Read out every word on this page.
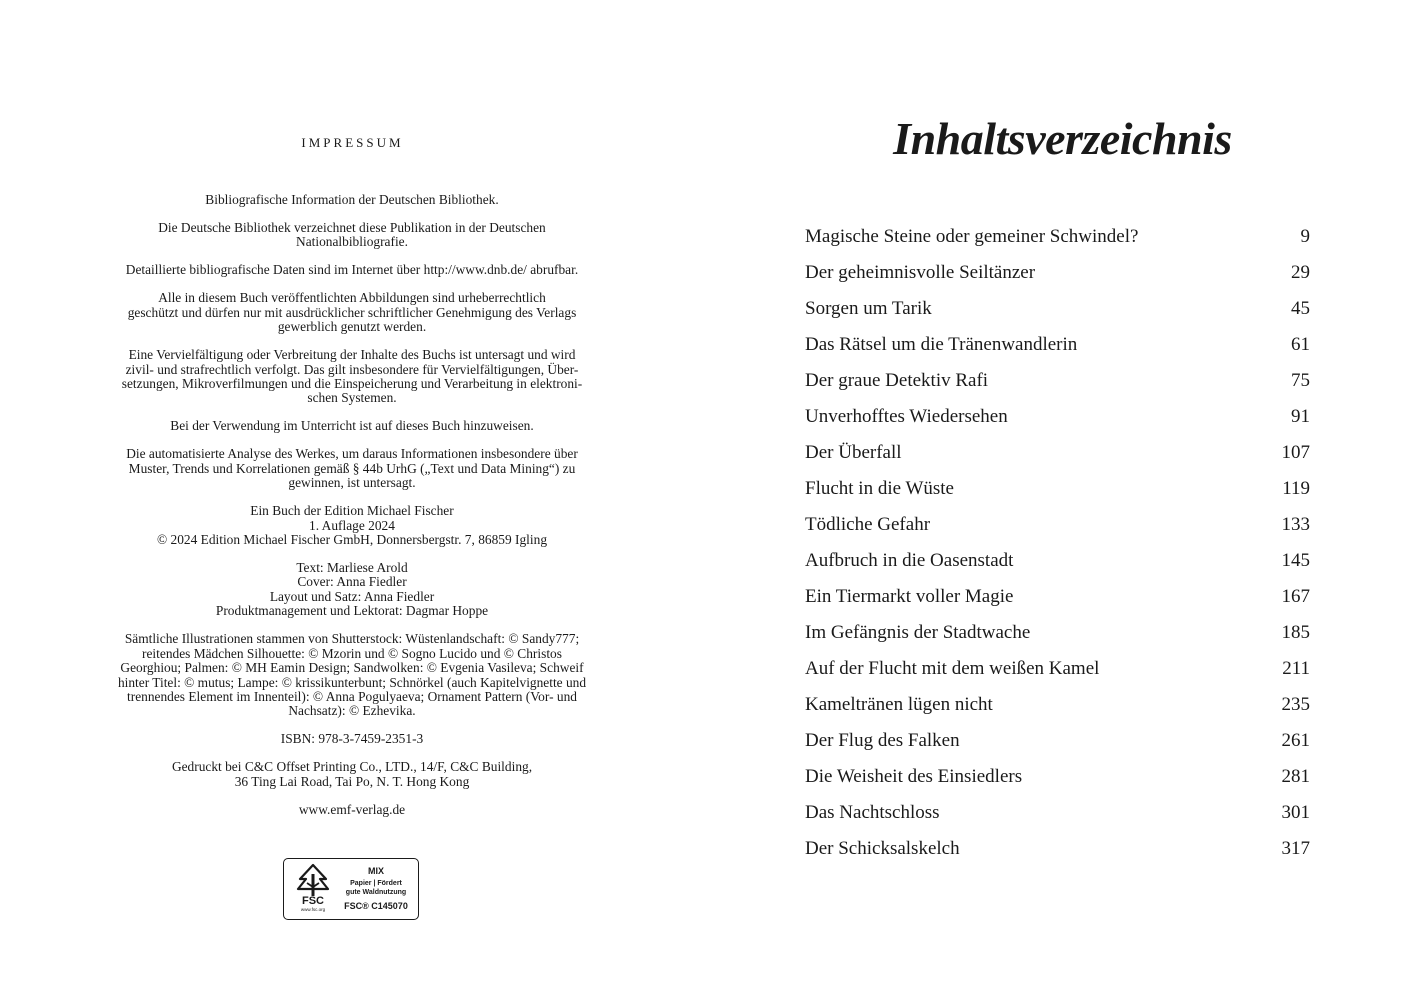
IMPRESSUM

Bibliografische Information der Deutschen Bibliothek.

Die Deutsche Bibliothek verzeichnet diese Publikation in der Deutschen
Nationalbibliografie.

Detaillierte bibliografische Daten sind im Internet über http://www.dnb.de/ abrufbar.

Alle in diesem Buch veröffentlichten Abbildungen sind urheberrechtlich
geschützt und dürfen nur mit ausdrücklicher schriftlicher Genehmigung des Verlags
gewerblich genutzt werden.

Eine Vervielfältigung oder Verbreitung der Inhalte des Buchs ist untersagt und wird
zivil- und strafrechtlich verfolgt. Das gilt insbesondere für Vervielfältigungen, Über-
setzungen, Mikroverfilmungen und die Einspeicherung und Verarbeitung in elektroni-
schen Systemen.

Bei der Verwendung im Unterricht ist auf dieses Buch hinzuweisen.

Die automatisierte Analyse des Werkes, um daraus Informationen insbesondere über
Muster, Trends und Korrelationen gemäß § 44b UrhG („Text und Data Mining“) zu
gewinnen, ist untersagt.

Ein Buch der Edition Michael Fischer
1. Auflage 2024
© 2024 Edition Michael Fischer GmbH, Donnersbergstr. 7, 86859 Igling

Text: Marliese Arold
Cover: Anna Fiedler
Layout und Satz: Anna Fiedler
Produktmanagement und Lektorat: Dagmar Hoppe

Sämtliche Illustrationen stammen von Shutterstock: Wüstenlandschaft: © Sandy777;
reitendes Mädchen Silhouette: © Mzorin und © Sogno Lucido und © Christos
Georghiou; Palmen: © MH Eamin Design; Sandwolken: © Evgenia Vasileva; Schweif
hinter Titel: © mutus; Lampe: © krissikunterbunt; Schnörkel (auch Kapitelvignette und
trennendes Element im Innenteil): © Anna Pogulyaeva; Ornament Pattern (Vor- und
Nachsatz): © Ezhevika.

ISBN: 978-3-7459-2351-3

Gedruckt bei C&C Offset Printing Co., LTD., 14/F, C&C Building,
36 Ting Lai Road, Tai Po, N. T. Hong Kong

www.emf-verlag.de

FSC
www.fsc.org
MIX
Papier | Fördert
gute Waldnutzung
FSC® C145070
Inhaltsverzeichnis
Magische Steine oder gemeiner Schwindel?	9
Der geheimnisvolle Seiltänzer	29
Sorgen um Tarik	45
Das Rätsel um die Tränenwandlerin	61
Der graue Detektiv Rafi	75
Unverhofftes Wiedersehen	91
Der Überfall	107
Flucht in die Wüste	119
Tödliche Gefahr	133
Aufbruch in die Oasenstadt	145
Ein Tiermarkt voller Magie	167
Im Gefängnis der Stadtwache	185
Auf der Flucht mit dem weißen Kamel	211
Kameltränen lügen nicht	235
Der Flug des Falken	261
Die Weisheit des Einsiedlers	281
Das Nachtschloss	301
Der Schicksalskelch	317
